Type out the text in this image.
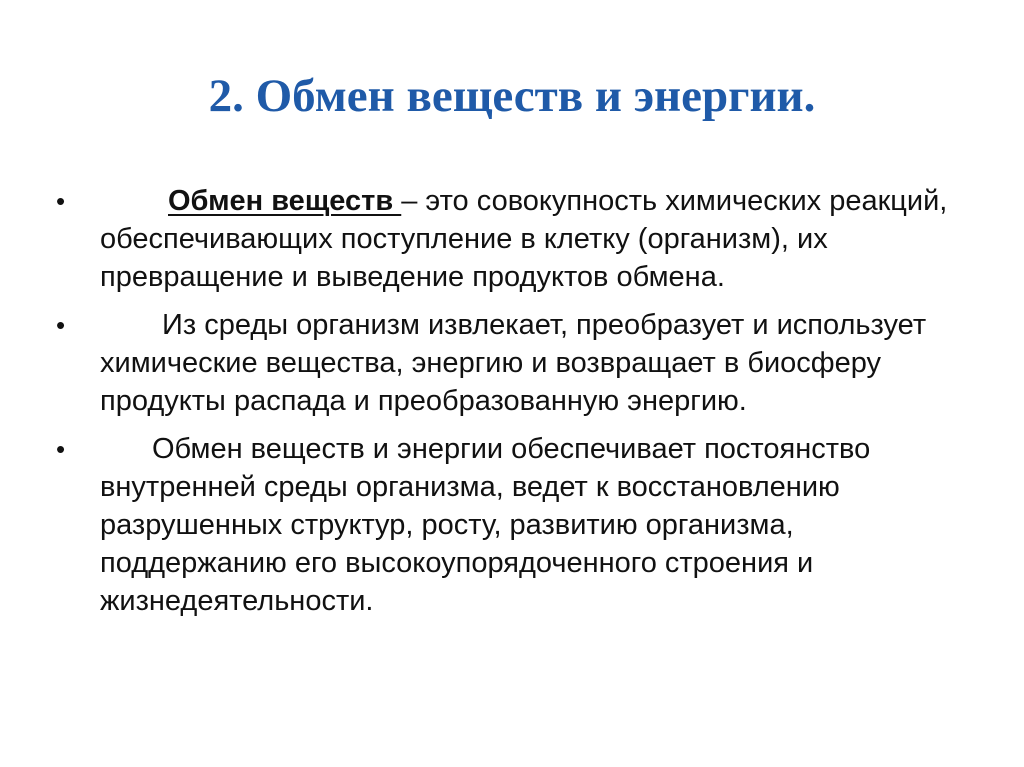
2. Обмен веществ и энергии.
•	Обмен веществ – это совокупность химических реакций, обеспечивающих поступление в клетку (организм), их превращение и выведение продуктов обмена.
•	Из среды организм извлекает, преобразует и использует химические вещества, энергию и возвращает в биосферу продукты распада и преобразованную энергию.
•	Обмен веществ и энергии обеспечивает постоянство внутренней среды организма, ведет к восстановлению разрушенных структур, росту, развитию организма, поддержанию его высокоупорядоченного строения и жизнедеятельности.
